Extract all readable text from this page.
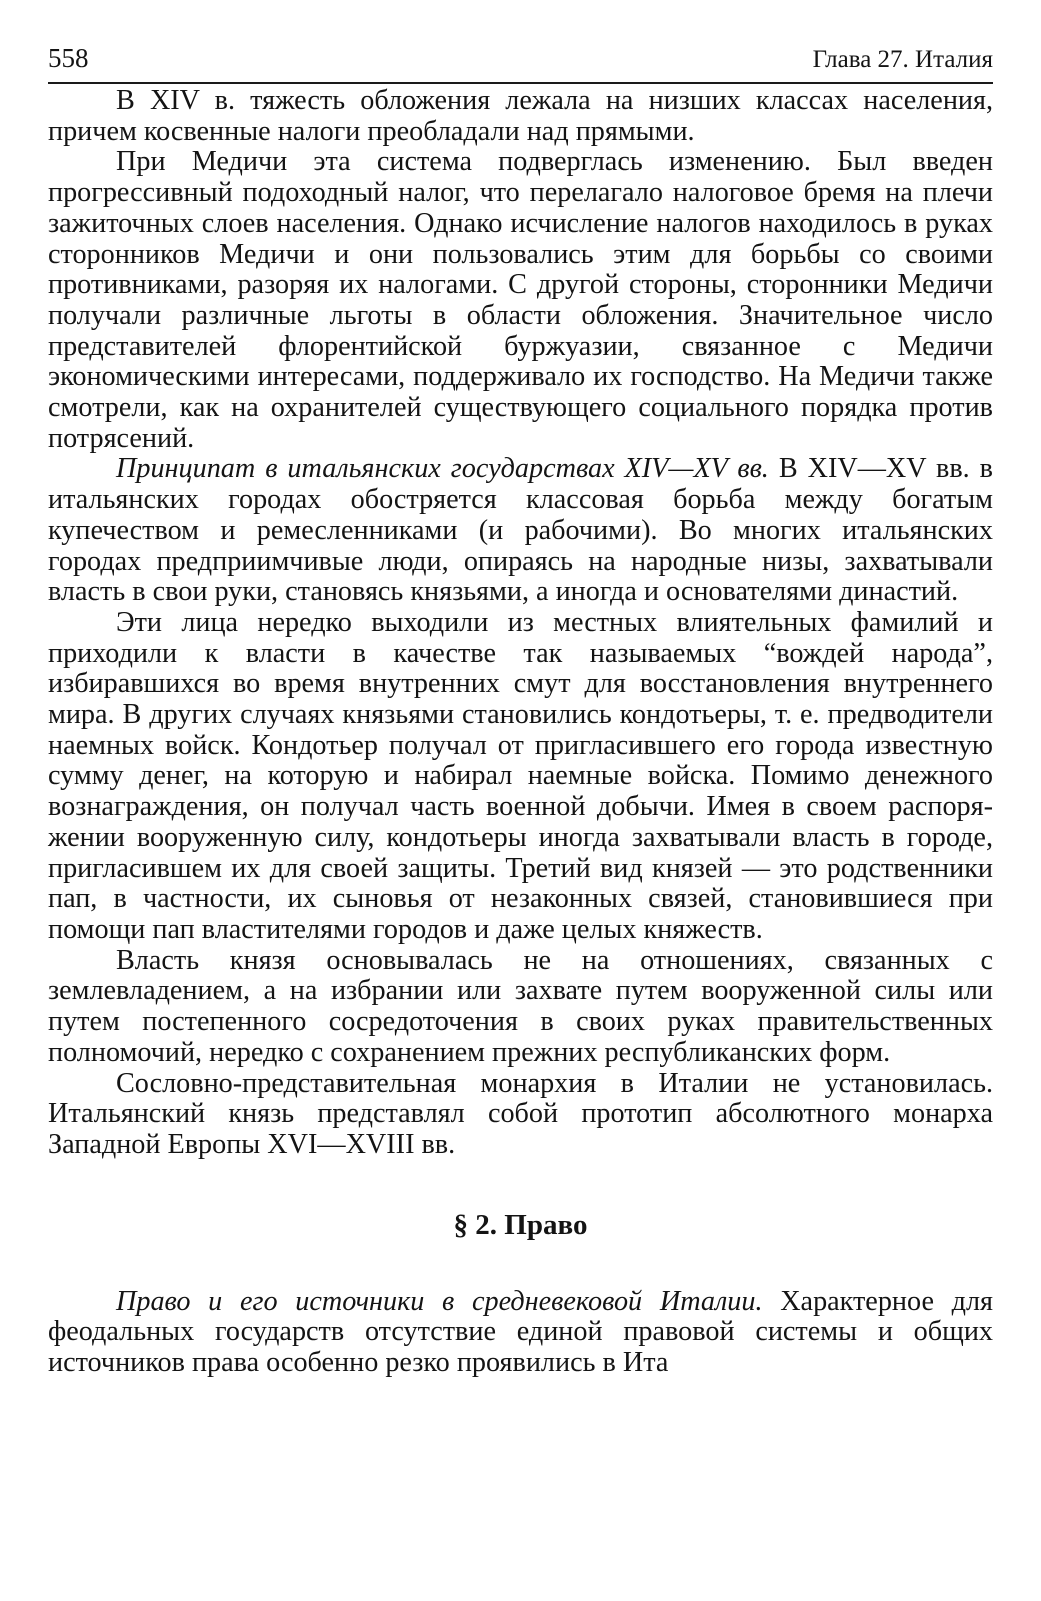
558	Глава 27. Италия

В XIV в. тяжесть обложения лежала на низших классах населения, причем косвенные налоги преобладали над прямыми.

При Медичи эта система подверглась изменению. Был введен прогрессивный подоходный налог, что перелагало налоговое бремя на плечи зажиточных слоев населения. Однако исчисление налогов находилось в руках сторонников Медичи и они пользовались этим для борьбы со своими противниками, разоряя их налогами. С другой стороны, сторонники Медичи получали различные льготы в области обложения. Значительное число представителей флорентийской буржуазии, связанное с Медичи экономическими интересами, поддерживало их господство. На Медичи также смотрели, как на охранителей существующего социального порядка против потрясений.

Принципат в итальянских государствах XIV—XV вв. В XIV—XV вв. в итальянских городах обостряется классовая борьба между богатым купечеством и ремесленниками (и рабочими). Во многих итальянских городах предприимчивые люди, опираясь на народные низы, захватывали власть в свои руки, становясь князьями, а иногда и основателями династий.

Эти лица нередко выходили из местных влиятельных фамилий и приходили к власти в качестве так называемых “вождей народа”, избиравшихся во время внутренних смут для восстановления внутреннего мира. В других случаях князьями становились кондотьеры, т. е. предводители наемных войск. Кондотьер получал от пригласившего его города известную сумму денег, на которую и набирал наемные войска. Помимо денежного вознаграждения, он получал часть военной добычи. Имея в своем распоряжении вооруженную силу, кондотьеры иногда захватывали власть в городе, пригласившем их для своей защиты. Третий вид князей — это родственники пап, в частности, их сыновья от незаконных связей, становившиеся при помощи пап властителями городов и даже целых княжеств.

Власть князя основывалась не на отношениях, связанных с землевладением, а на избрании или захвате путем вооруженной силы или путем постепенного сосредоточения в своих руках правительственных полномочий, нередко с сохранением прежних республиканских форм.

Сословно-представительная монархия в Италии не установилась. Итальянский князь представлял собой прототип абсолютного монарха Западной Европы XVI—XVIII вв.

§ 2. Право

Право и его источники в средневековой Италии. Характерное для феодальных государств отсутствие единой правовой системы и общих источников права особенно резко проявились в Ита
